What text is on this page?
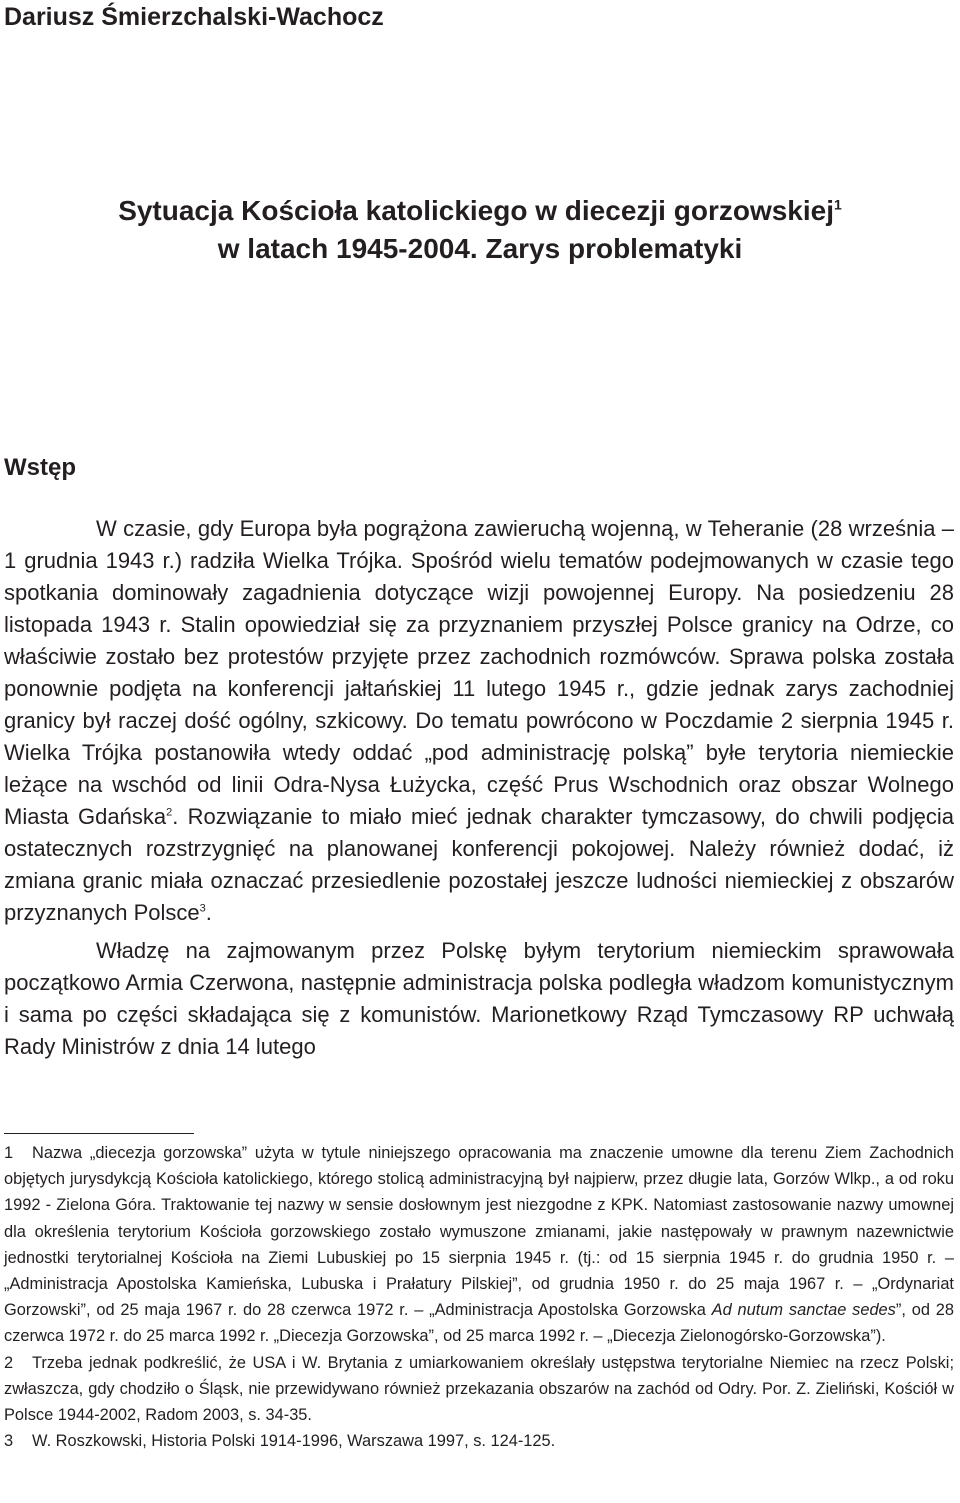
Dariusz Śmierzchalski-Wachocz
Sytuacja Kościoła katolickiego w diecezji gorzowskiej$^1$
w latach 1945-2004. Zarys problematyki
Wstęp

W czasie, gdy Europa była pogrążona zawieruchą wojenną, w Teheranie (28 września – 1 grudnia 1943 r.) radziła Wielka Trójka. Spośród wielu tematów podejmowanych w czasie tego spotkania dominowały zagadnienia dotyczące wizji powojennej Europy. Na posiedzeniu 28 listopada 1943 r. Stalin opowiedział się za przyznaniem przyszłej Polsce granicy na Odrze, co właściwie zostało bez protestów przyjęte przez zachodnich rozmówców. Sprawa polska została ponownie podjęta na konferencji jałtańskiej 11 lutego 1945 r., gdzie jednak zarys zachodniej granicy był raczej dość ogólny, szkicowy. Do tematu powrócono w Poczdamie 2 sierpnia 1945 r. Wielka Trójka postanowiła wtedy oddać „pod administrację polską” byłe terytoria niemieckie leżące na wschód od linii Odra-Nysa Łużycka, część Prus Wschodnich oraz obszar Wolnego Miasta Gdańska$^2$. Rozwiązanie to miało mieć jednak charakter tymczasowy, do chwili podjęcia ostatecznych rozstrzygnięć na planowanej konferencji pokojowej. Należy również dodać, iż zmiana granic miała oznaczać przesiedlenie pozostałej jeszcze ludności niemieckiej z obszarów przyznanych Polsce$^3$.

Władzę na zajmowanym przez Polskę byłym terytorium niemieckim sprawowała początkowo Armia Czerwona, następnie administracja polska podległa władzom komunistycznym i sama po części składająca się z komunistów. Marionetkowy Rząd Tymczasowy RP uchwałą Rady Ministrów z dnia 14 lutego

1 Nazwa „diecezja gorzowska” użyta w tytule niniejszego opracowania ma znaczenie umowne dla terenu Ziem Zachodnich objętych jurysdykcją Kościoła katolickiego, którego stolicą administracyjną był najpierw, przez długie lata, Gorzów Wlkp., a od roku 1992 - Zielona Góra. Traktowanie tej nazwy w sensie dosłownym jest niezgodne z KPK. Natomiast zastosowanie nazwy umownej dla określenia terytorium Kościoła gorzowskiego zostało wymuszone zmianami, jakie następowały w prawnym nazewnictwie jednostki terytorialnej Kościoła na Ziemi Lubuskiej po 15 sierpnia 1945 r. (tj.: od 15 sierpnia 1945 r. do grudnia 1950 r. – „Administracja Apostolska Kamieńska, Lubuska i Prałatury Pilskiej”, od grudnia 1950 r. do 25 maja 1967 r. – „Ordynariat Gorzowski”, od 25 maja 1967 r. do 28 czerwca 1972 r. – „Administracja Apostolska Gorzowska Ad nutum sanctae sedes”, od 28 czerwca 1972 r. do 25 marca 1992 r. „Diecezja Gorzowska”, od 25 marca 1992 r. – „Diecezja Zielonogórsko-Gorzowska”).

2 Trzeba jednak podkreślić, że USA i W. Brytania z umiarkowaniem określały ustępstwa terytorialne Niemiec na rzecz Polski; zwłaszcza, gdy chodziło o Śląsk, nie przewidywano również przekazania obszarów na zachód od Odry. Por. Z. Zieliński, Kościół w Polsce 1944-2002, Radom 2003, s. 34-35.

3 W. Roszkowski, Historia Polski 1914-1996, Warszawa 1997, s. 124-125.
